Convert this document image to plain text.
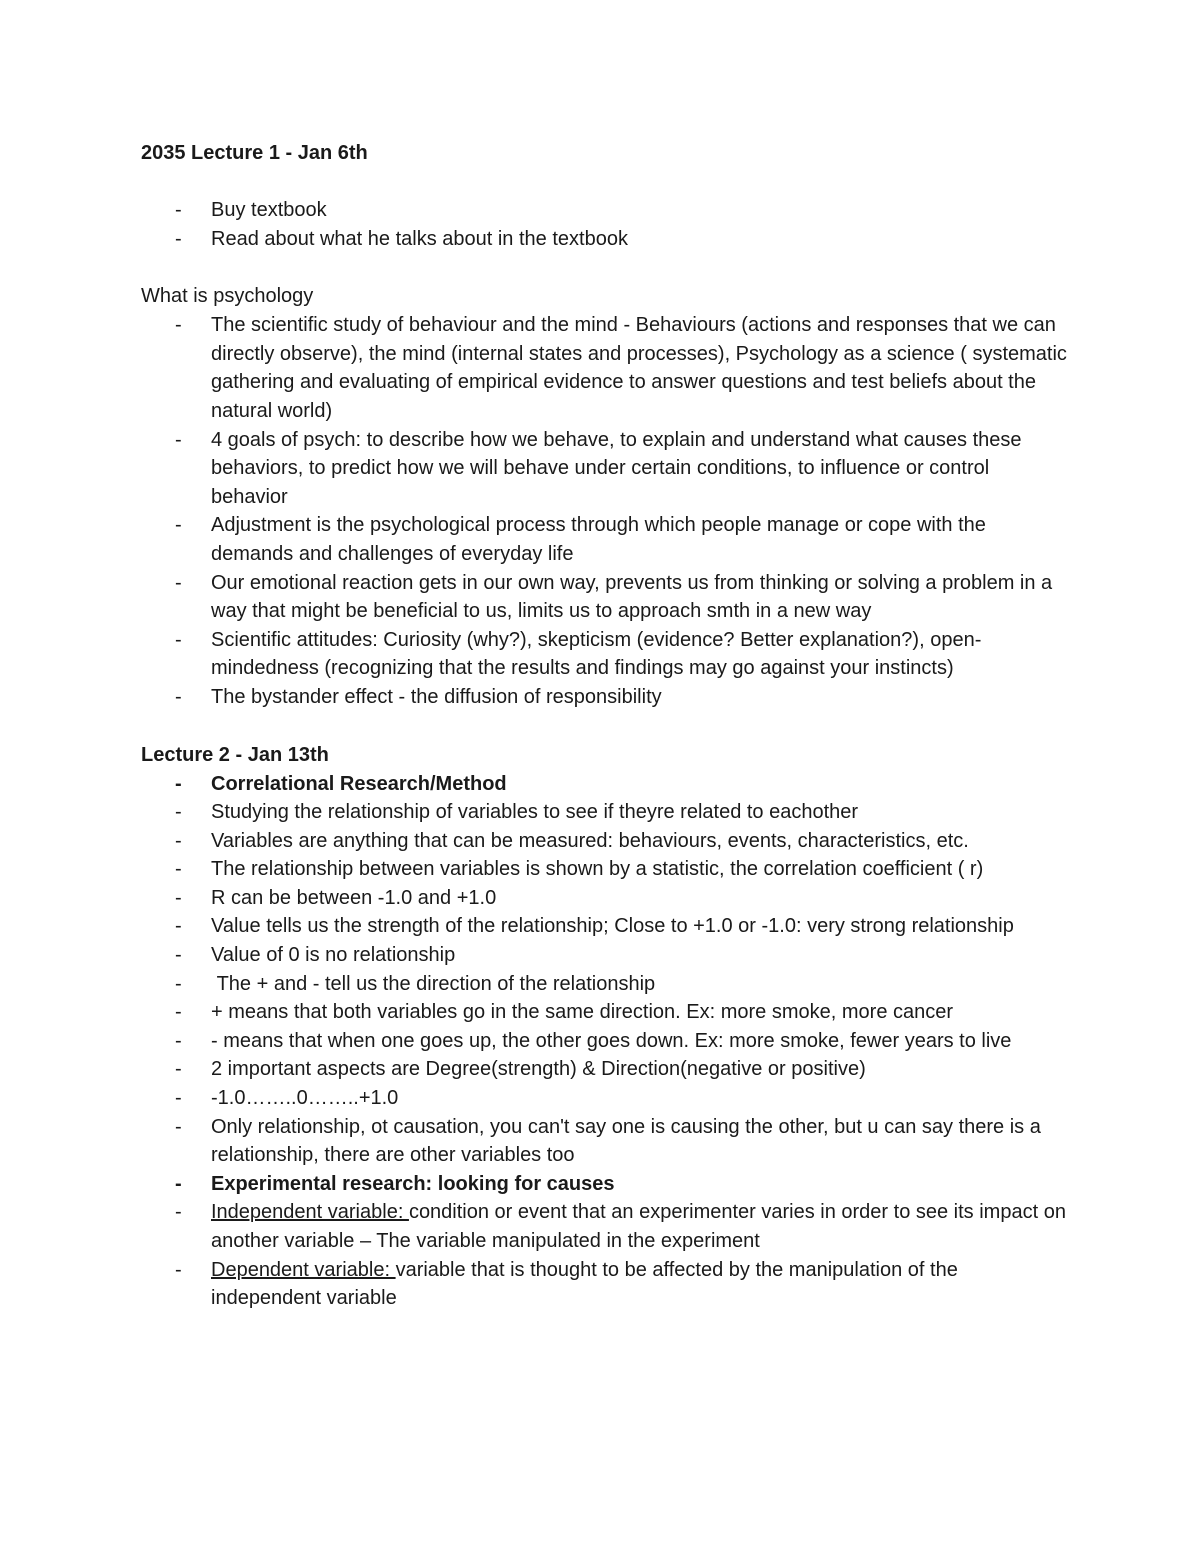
2035 Lecture 1 - Jan 6th

- Buy textbook
- Read about what he talks about in the textbook

What is psychology

- The scientific study of behaviour and the mind - Behaviours (actions and responses that we can directly observe), the mind (internal states and processes), Psychology as a science ( systematic gathering and evaluating of empirical evidence to answer questions and test beliefs about the natural world)
- 4 goals of psych: to describe how we behave, to explain and understand what causes these behaviors, to predict how we will behave under certain conditions, to influence or control behavior
- Adjustment is the psychological process through which people manage or cope with the demands and challenges of everyday life
- Our emotional reaction gets in our own way, prevents us from thinking or solving a problem in a way that might be beneficial to us, limits us to approach smth in a new way
- Scientific attitudes: Curiosity (why?), skepticism (evidence? Better explanation?), open-mindedness (recognizing that the results and findings may go against your instincts)
- The bystander effect - the diffusion of responsibility

Lecture 2 - Jan 13th

- Correlational Research/Method
- Studying the relationship of variables to see if theyre related to eachother
- Variables are anything that can be measured: behaviours, events, characteristics, etc.
- The relationship between variables is shown by a statistic, the correlation coefficient ( r)
- R can be between -1.0 and +1.0
- Value tells us the strength of the relationship; Close to +1.0 or -1.0: very strong relationship
- Value of 0 is no relationship
- The + and - tell us the direction of the relationship
- + means that both variables go in the same direction. Ex: more smoke, more cancer
- - means that when one goes up, the other goes down. Ex: more smoke, fewer years to live
- 2 important aspects are Degree(strength) & Direction(negative or positive)
- -1.0……..0……..+1.0
- Only relationship, ot causation, you can't say one is causing the other, but u can say there is a relationship, there are other variables too
- Experimental research: looking for causes
- Independent variable: condition or event that an experimenter varies in order to see its impact on another variable – The variable manipulated in the experiment
- Dependent variable: variable that is thought to be affected by the manipulation of the independent variable
